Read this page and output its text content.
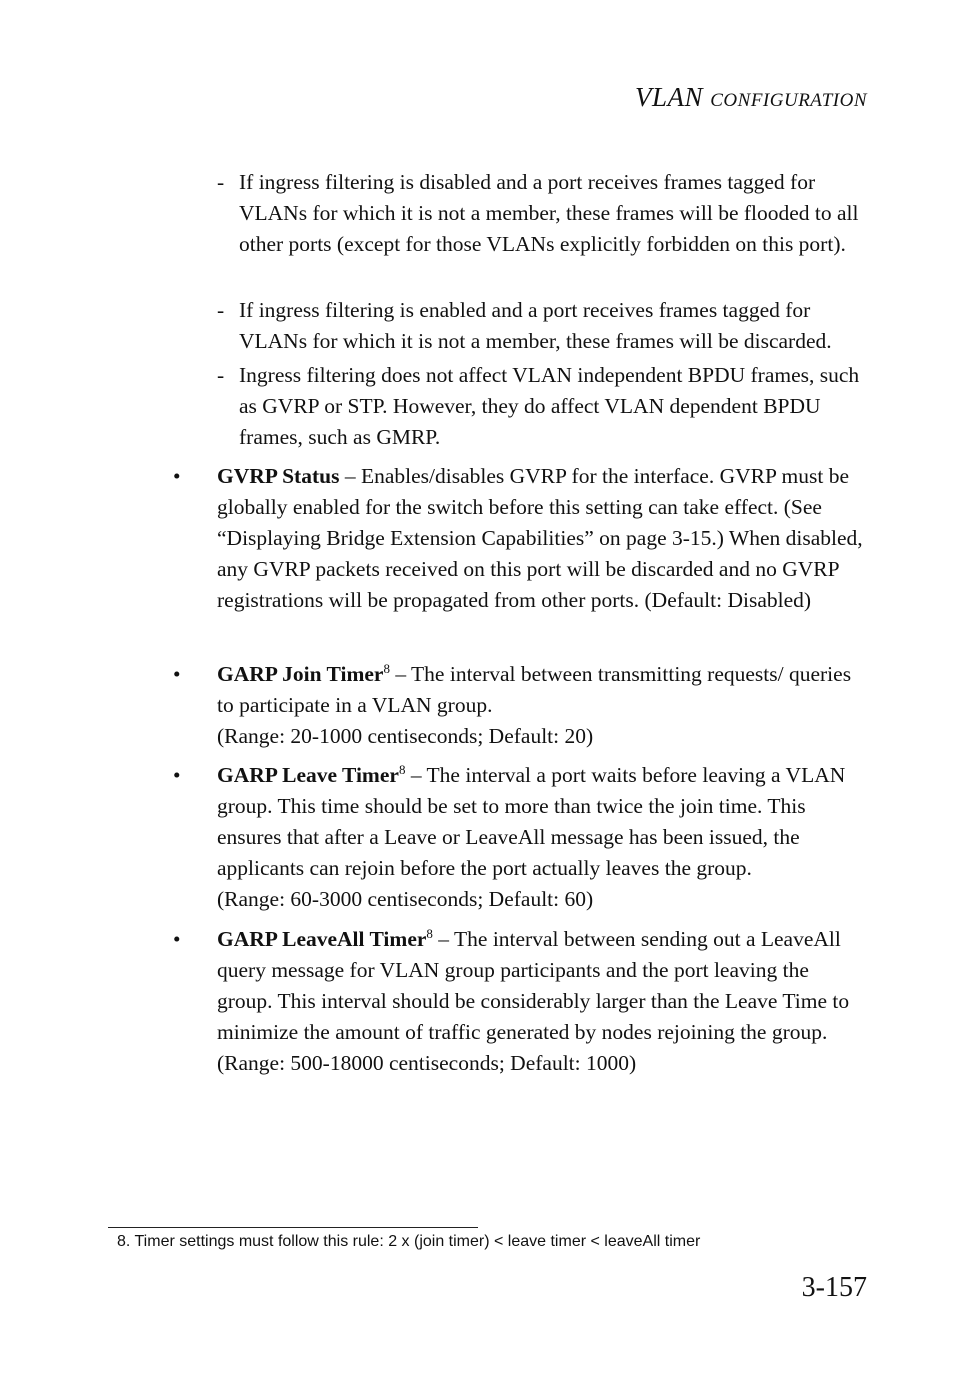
VLAN CONFIGURATION
- If ingress filtering is disabled and a port receives frames tagged for VLANs for which it is not a member, these frames will be flooded to all other ports (except for those VLANs explicitly forbidden on this port).
- If ingress filtering is enabled and a port receives frames tagged for VLANs for which it is not a member, these frames will be discarded.
- Ingress filtering does not affect VLAN independent BPDU frames, such as GVRP or STP. However, they do affect VLAN dependent BPDU frames, such as GMRP.
• GVRP Status – Enables/disables GVRP for the interface. GVRP must be globally enabled for the switch before this setting can take effect. (See “Displaying Bridge Extension Capabilities” on page 3-15.) When disabled, any GVRP packets received on this port will be discarded and no GVRP registrations will be propagated from other ports. (Default: Disabled)
• GARP Join Timer$^8$ – The interval between transmitting requests/ queries to participate in a VLAN group.
(Range: 20-1000 centiseconds; Default: 20)
• GARP Leave Timer$^8$ – The interval a port waits before leaving a VLAN group. This time should be set to more than twice the join time. This ensures that after a Leave or LeaveAll message has been issued, the applicants can rejoin before the port actually leaves the group.
(Range: 60-3000 centiseconds; Default: 60)
• GARP LeaveAll Timer$^8$ – The interval between sending out a LeaveAll query message for VLAN group participants and the port leaving the group. This interval should be considerably larger than the Leave Time to minimize the amount of traffic generated by nodes rejoining the group.
(Range: 500-18000 centiseconds; Default: 1000)
8. Timer settings must follow this rule: 2 x (join timer) < leave timer < leaveAll timer
3-157
